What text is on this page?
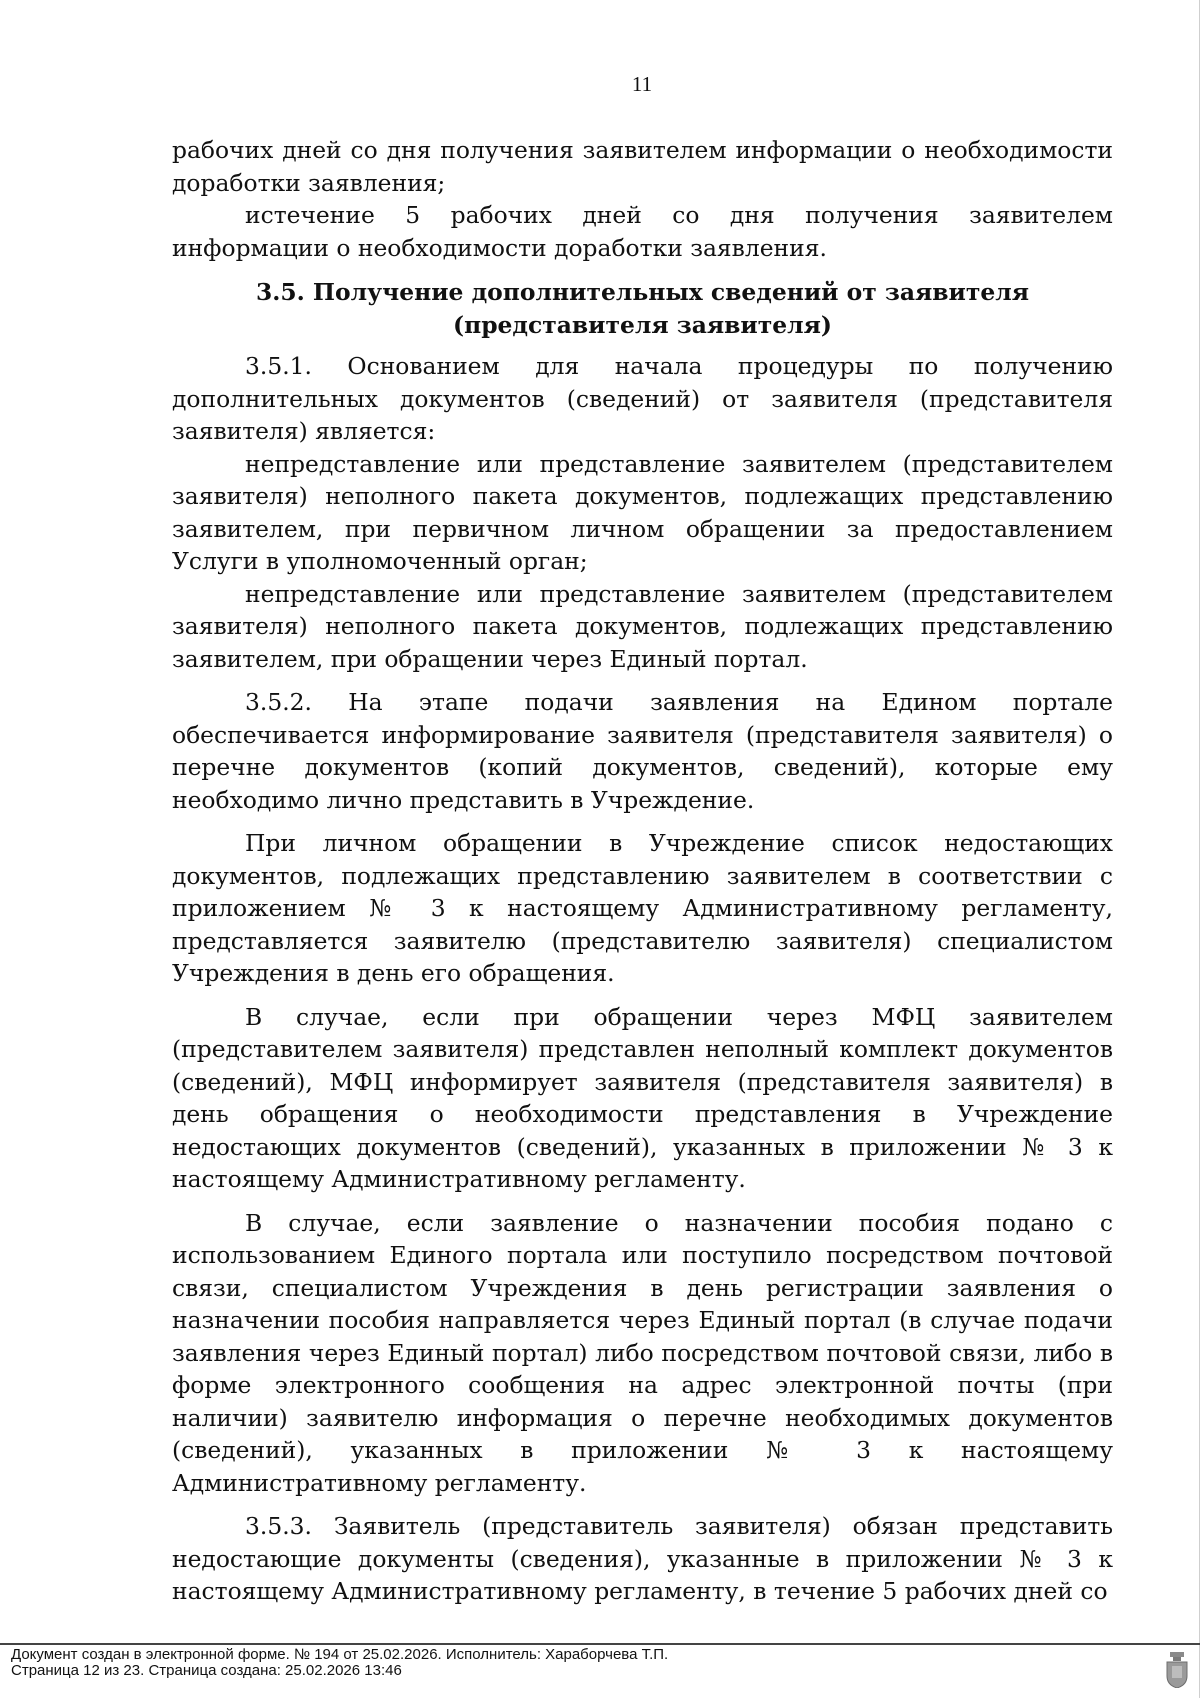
11

рабочих дней со дня получения заявителем информации о необходимости доработки заявления;

истечение 5 рабочих дней со дня получения заявителем информации о необходимости доработки заявления.

3.5. Получение дополнительных сведений от заявителя (представителя заявителя)

3.5.1. Основанием для начала процедуры по получению дополнительных документов (сведений) от заявителя (представителя заявителя) является:

непредставление или представление заявителем (представителем заявителя) неполного пакета документов, подлежащих представлению заявителем, при первичном личном обращении за предоставлением Услуги в уполномоченный орган;

непредставление или представление заявителем (представителем заявителя) неполного пакета документов, подлежащих представлению заявителем, при обращении через Единый портал.

3.5.2. На этапе подачи заявления на Едином портале обеспечивается информирование заявителя (представителя заявителя) о перечне документов (копий документов, сведений), которые ему необходимо лично представить в Учреждение.

При личном обращении в Учреждение список недостающих документов, подлежащих представлению заявителем в соответствии с приложением № 3 к настоящему Административному регламенту, представляется заявителю (представителю заявителя) специалистом Учреждения в день его обращения.

В случае, если при обращении через МФЦ заявителем (представителем заявителя) представлен неполный комплект документов (сведений), МФЦ информирует заявителя (представителя заявителя) в день обращения о необходимости представления в Учреждение недостающих документов (сведений), указанных в приложении № 3 к настоящему Административному регламенту.

В случае, если заявление о назначении пособия подано с использованием Единого портала или поступило посредством почтовой связи, специалистом Учреждения в день регистрации заявления о назначении пособия направляется через Единый портал (в случае подачи заявления через Единый портал) либо посредством почтовой связи, либо в форме электронного сообщения на адрес электронной почты (при наличии) заявителю информация о перечне необходимых документов (сведений), указанных в приложении № 3 к настоящему Административному регламенту.

3.5.3. Заявитель (представитель заявителя) обязан представить недостающие документы (сведения), указанные в приложении № 3 к настоящему Административному регламенту, в течение 5 рабочих дней со

Документ создан в электронной форме. № 194 от 25.02.2026. Исполнитель: Хараборчева Т.П.
Страница 12 из 23. Страница создана: 25.02.2026 13:46
